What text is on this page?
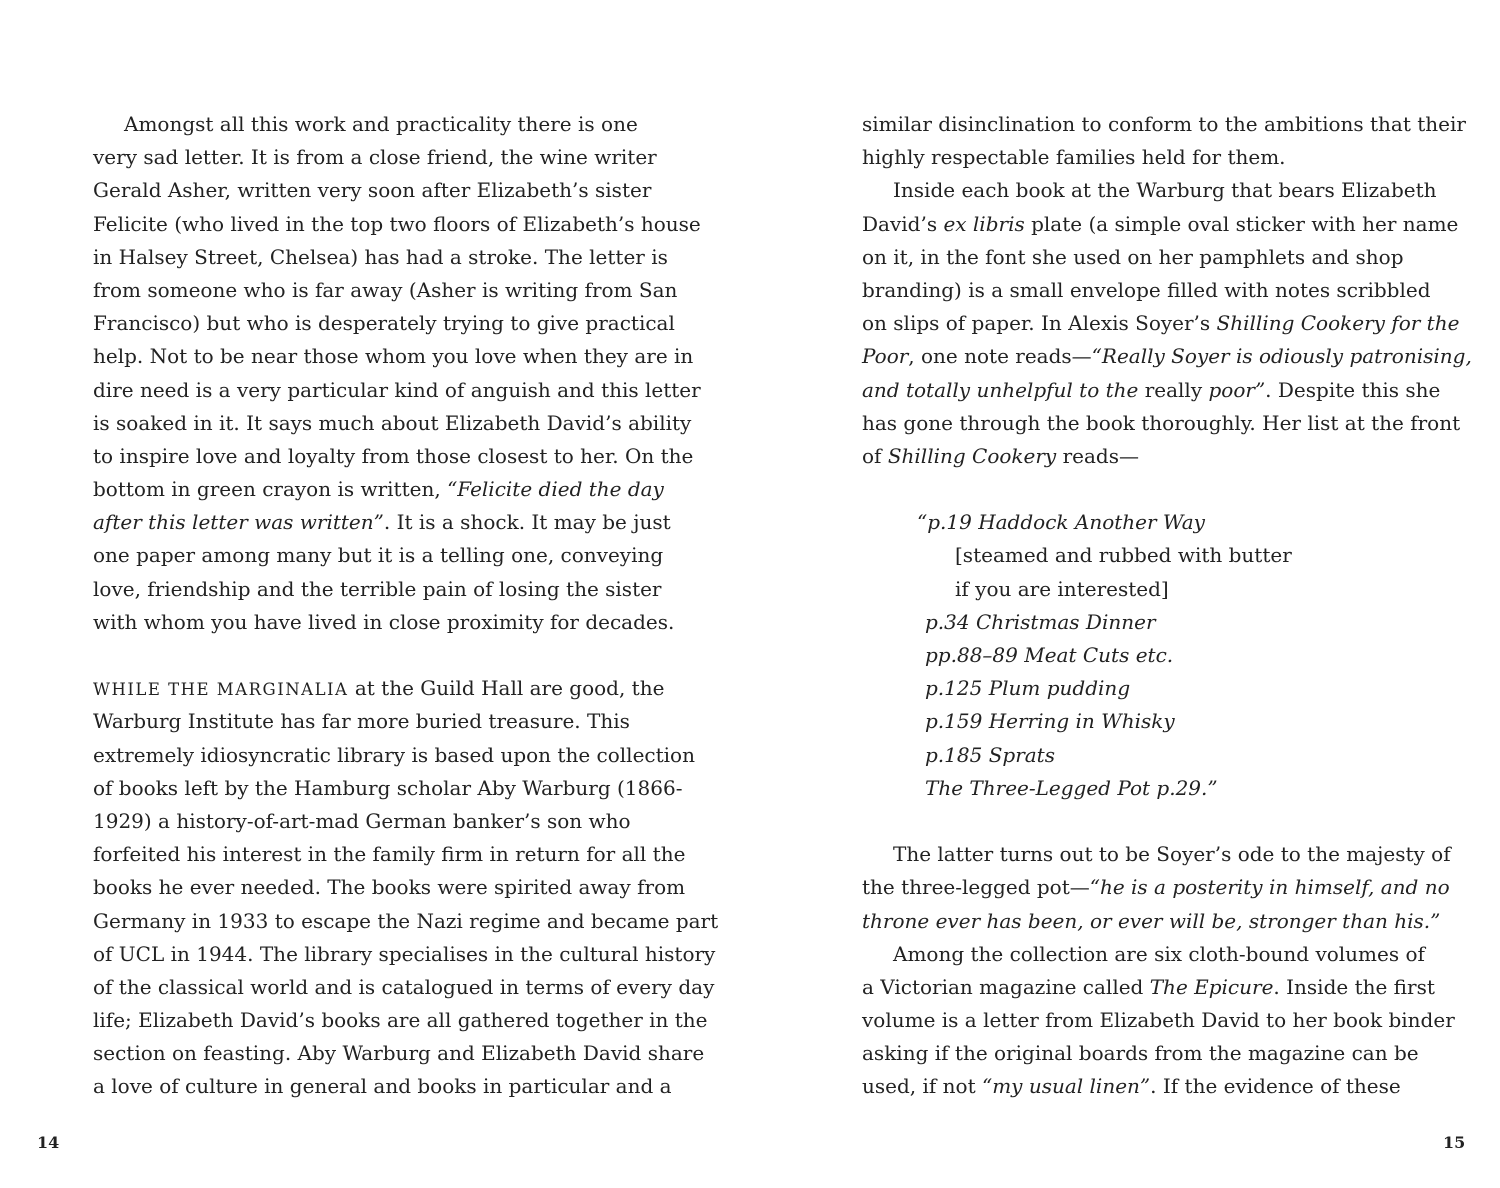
Amongst all this work and practicality there is one
very sad letter. It is from a close friend, the wine writer
Gerald Asher, written very soon after Elizabeth’s sister
Felicite (who lived in the top two floors of Elizabeth’s house
in Halsey Street, Chelsea) has had a stroke. The letter is
from someone who is far away (Asher is writing from San
Francisco) but who is desperately trying to give practical
help. Not to be near those whom you love when they are in
dire need is a very particular kind of anguish and this letter
is soaked in it. It says much about Elizabeth David’s ability
to inspire love and loyalty from those closest to her. On the
bottom in green crayon is written, “Felicite died the day
after this letter was written”. It is a shock. It may be just
one paper among many but it is a telling one, conveying
love, friendship and the terrible pain of losing the sister
with whom you have lived in close proximity for decades.
WHILE THE MARGINALIA at the Guild Hall are good, the
Warburg Institute has far more buried treasure. This
extremely idiosyncratic library is based upon the collection
of books left by the Hamburg scholar Aby Warburg (1866-
1929) a history-of-art-mad German banker’s son who
forfeited his interest in the family firm in return for all the
books he ever needed. The books were spirited away from
Germany in 1933 to escape the Nazi regime and became part
of UCL in 1944. The library specialises in the cultural history
of the classical world and is catalogued in terms of every day
life; Elizabeth David’s books are all gathered together in the
section on feasting. Aby Warburg and Elizabeth David share
a love of culture in general and books in particular and a
similar disinclination to conform to the ambitions that their
highly respectable families held for them.
Inside each book at the Warburg that bears Elizabeth
David’s ex libris plate (a simple oval sticker with her name
on it, in the font she used on her pamphlets and shop
branding) is a small envelope filled with notes scribbled
on slips of paper. In Alexis Soyer’s Shilling Cookery for the
Poor, one note reads—“Really Soyer is odiously patronising,
and totally unhelpful to the really poor”. Despite this she
has gone through the book thoroughly. Her list at the front
of Shilling Cookery reads—
“p.19 Haddock Another Way
[steamed and rubbed with butter
if you are interested]
p.34 Christmas Dinner
pp.88–89 Meat Cuts etc.
p.125 Plum pudding
p.159 Herring in Whisky
p.185 Sprats
The Three-Legged Pot p.29.”
The latter turns out to be Soyer’s ode to the majesty of
the three-legged pot—“he is a posterity in himself, and no
throne ever has been, or ever will be, stronger than his.”
Among the collection are six cloth-bound volumes of
a Victorian magazine called The Epicure. Inside the first
volume is a letter from Elizabeth David to her book binder
asking if the original boards from the magazine can be
used, if not “my usual linen”. If the evidence of these
14	15
